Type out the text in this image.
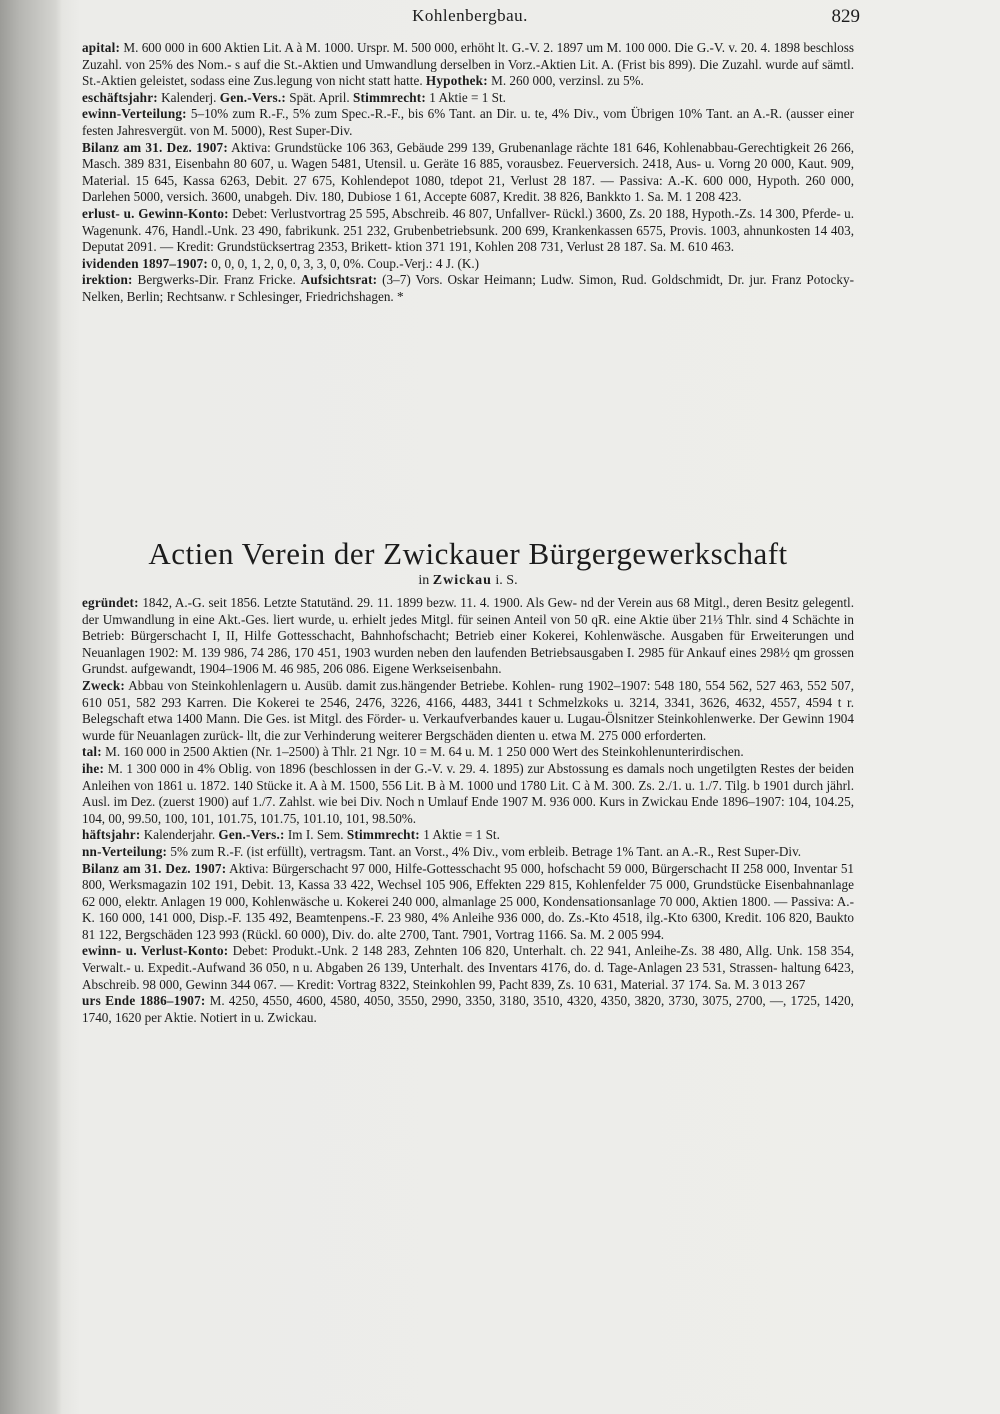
Kohlenbergbau.	829

apital: M. 600 000 in 600 Aktien Lit. A à M. 1000. Urspr. M. 500 000, erhöht lt. G.-V. 2. 1897 um M. 100 000. Die G.-V. v. 20. 4. 1898 beschloss Zuzahl. von 25% des Nom.- s auf die St.-Aktien und Umwandlung derselben in Vorz.-Aktien Lit. A. (Frist bis 899). Die Zuzahl. wurde auf sämtl. St.-Aktien geleistet, sodass eine Zus.legung von nicht statt hatte. Hypothek: M. 260 000, verzinsl. zu 5%.

eschäftsjahr: Kalenderj. Gen.-Vers.: Spät. April. Stimmrecht: 1 Aktie = 1 St.

ewinn-Verteilung: 5–10% zum R.-F., 5% zum Spec.-R.-F., bis 6% Tant. an Dir. u. te, 4% Div., vom Übrigen 10% Tant. an A.-R. (ausser einer festen Jahresvergüt. von M. 5000), Rest Super-Div.

Bilanz am 31. Dez. 1907: Aktiva: Grundstücke 106 363, Gebäude 299 139, Grubenanlage rächte 181 646, Kohlenabbau-Gerechtigkeit 26 266, Masch. 389 831, Eisenbahn 80 607, u. Wagen 5481, Utensil. u. Geräte 16 885, vorausbez. Feuerversich. 2418, Aus- u. Vorng 20 000, Kaut. 909, Material. 15 645, Kassa 6263, Debit. 27 675, Kohlendepot 1080, tdepot 21, Verlust 28 187. — Passiva: A.-K. 600 000, Hypoth. 260 000, Darlehen 5000, versich. 3600, unabgeh. Div. 180, Dubiose 1 61, Accepte 6087, Kredit. 38 826, Bankkto 1. Sa. M. 1 208 423.

erlust- u. Gewinn-Konto: Debet: Verlustvortrag 25 595, Abschreib. 46 807, Unfallver- Rückl.) 3600, Zs. 20 188, Hypoth.-Zs. 14 300, Pferde- u. Wagenunk. 476, Handl.-Unk. 23 490, fabrikunk. 251 232, Grubenbetriebsunk. 200 699, Krankenkassen 6575, Provis. 1003, ahnunkosten 14 403, Deputat 2091. — Kredit: Grundstücksertrag 2353, Brikett- ktion 371 191, Kohlen 208 731, Verlust 28 187. Sa. M. 610 463.

ividenden 1897–1907: 0, 0, 0, 1, 2, 0, 0, 3, 3, 0, 0%. Coup.-Verj.: 4 J. (K.)

irektion: Bergwerks-Dir. Franz Fricke. Aufsichtsrat: (3–7) Vors. Oskar Heimann; Ludw. Simon, Rud. Goldschmidt, Dr. jur. Franz Potocky-Nelken, Berlin; Rechtsanw. r Schlesinger, Friedrichshagen. *

Actien Verein der Zwickauer Bürgergewerkschaft
in Zwickau i. S.

egründet: 1842, A.-G. seit 1856. Letzte Statutänd. 29. 11. 1899 bezw. 11. 4. 1900. Als Gew- nd der Verein aus 68 Mitgl., deren Besitz gelegentl. der Umwandlung in eine Akt.-Ges. liert wurde, u. erhielt jedes Mitgl. für seinen Anteil von 50 qR. eine Aktie über 21⅓ Thlr. sind 4 Schächte in Betrieb: Bürgerschacht I, II, Hilfe Gottesschacht, Bahnhofschacht; Betrieb einer Kokerei, Kohlenwäsche. Ausgaben für Erweiterungen und Neuanlagen 1902: M. 139 986, 74 286, 170 451, 1903 wurden neben den laufenden Betriebsausgaben I. 2985 für Ankauf eines 298½ qm grossen Grundst. aufgewandt, 1904–1906 M. 46 985, 206 086. Eigene Werkseisenbahn.

Zweck: Abbau von Steinkohlenlagern u. Ausüb. damit zus.hängender Betriebe. Kohlen- rung 1902–1907: 548 180, 554 562, 527 463, 552 507, 610 051, 582 293 Karren. Die Kokerei te 2546, 2476, 3226, 4166, 4483, 3441 t Schmelzkoks u. 3214, 3341, 3626, 4632, 4557, 4594 t r. Belegschaft etwa 1400 Mann. Die Ges. ist Mitgl. des Förder- u. Verkaufverbandes kauer u. Lugau-Ölsnitzer Steinkohlenwerke. Der Gewinn 1904 wurde für Neuanlagen zurück- llt, die zur Verhinderung weiterer Bergschäden dienten u. etwa M. 275 000 erforderten.

tal: M. 160 000 in 2500 Aktien (Nr. 1–2500) à Thlr. 21 Ngr. 10 = M. 64 u. M. 1 250 000 Wert des Steinkohlenunterirdischen.

ihe: M. 1 300 000 in 4% Oblig. von 1896 (beschlossen in der G.-V. v. 29. 4. 1895) zur Abstossung es damals noch ungetilgten Restes der beiden Anleihen von 1861 u. 1872. 140 Stücke it. A à M. 1500, 556 Lit. B à M. 1000 und 1780 Lit. C à M. 300. Zs. 2./1. u. 1./7. Tilg. b 1901 durch jährl. Ausl. im Dez. (zuerst 1900) auf 1./7. Zahlst. wie bei Div. Noch n Umlauf Ende 1907 M. 936 000. Kurs in Zwickau Ende 1896–1907: 104, 104.25, 104, 00, 99.50, 100, 101, 101.75, 101.75, 101.10, 101, 98.50%.

häftsjahr: Kalenderjahr. Gen.-Vers.: Im I. Sem. Stimmrecht: 1 Aktie = 1 St.

nn-Verteilung: 5% zum R.-F. (ist erfüllt), vertragsm. Tant. an Vorst., 4% Div., vom erbleib. Betrage 1% Tant. an A.-R., Rest Super-Div.

Bilanz am 31. Dez. 1907: Aktiva: Bürgerschacht 97 000, Hilfe-Gottesschacht 95 000, hofschacht 59 000, Bürgerschacht II 258 000, Inventar 51 800, Werksmagazin 102 191, Debit. 13, Kassa 33 422, Wechsel 105 906, Effekten 229 815, Kohlenfelder 75 000, Grundstücke Eisenbahnanlage 62 000, elektr. Anlagen 19 000, Kohlenwäsche u. Kokerei 240 000, almanlage 25 000, Kondensationsanlage 70 000, Aktien 1800. — Passiva: A.-K. 160 000, 141 000, Disp.-F. 135 492, Beamtenpens.-F. 23 980, 4% Anleihe 936 000, do. Zs.-Kto 4518, ilg.-Kto 6300, Kredit. 106 820, Baukto 81 122, Bergschäden 123 993 (Rückl. 60 000), Div. do. alte 2700, Tant. 7901, Vortrag 1166. Sa. M. 2 005 994.

ewinn- u. Verlust-Konto: Debet: Produkt.-Unk. 2 148 283, Zehnten 106 820, Unterhalt. ch. 22 941, Anleihe-Zs. 38 480, Allg. Unk. 158 354, Verwalt.- u. Expedit.-Aufwand 36 050, n u. Abgaben 26 139, Unterhalt. des Inventars 4176, do. d. Tage-Anlagen 23 531, Strassen- haltung 6423, Abschreib. 98 000, Gewinn 344 067. — Kredit: Vortrag 8322, Steinkohlen 99, Pacht 839, Zs. 10 631, Material. 37 174. Sa. M. 3 013 267

urs Ende 1886–1907: M. 4250, 4550, 4600, 4580, 4050, 3550, 2990, 3350, 3180, 3510, 4320, 4350, 3820, 3730, 3075, 2700, —, 1725, 1420, 1740, 1620 per Aktie. Notiert in u. Zwickau.
